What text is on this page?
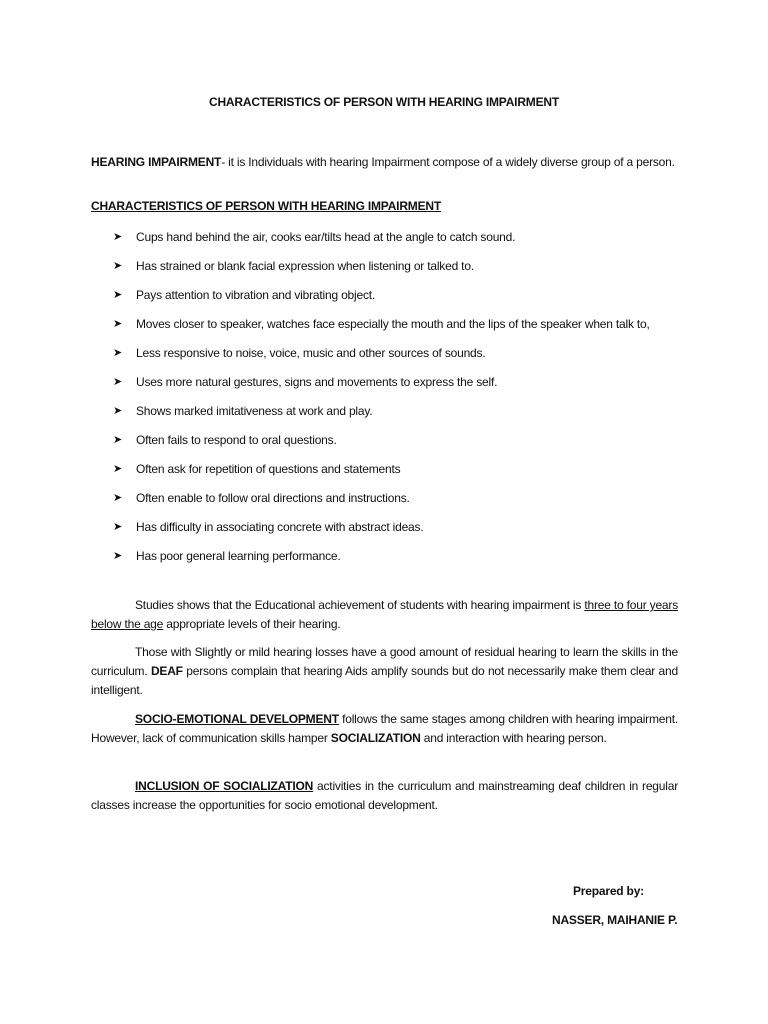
CHARACTERISTICS OF PERSON WITH HEARING IMPAIRMENT

HEARING IMPAIRMENT- it is Individuals with hearing Impairment compose of a widely diverse group of a person.

CHARACTERISTICS OF PERSON WITH HEARING IMPAIRMENT
➤	Cups hand behind the air, cooks ear/tilts head at the angle to catch sound.
➤	Has strained or blank facial expression when listening or talked to.
➤	Pays attention to vibration and vibrating object.
➤	Moves closer to speaker, watches face especially the mouth and the lips of the speaker when talk to,
➤	Less responsive to noise, voice, music and other sources of sounds.
➤	Uses more natural gestures, signs and movements to express the self.
➤	Shows marked imitativeness at work and play.
➤	Often fails to respond to oral questions.
➤	Often ask for repetition of questions and statements
➤	Often enable to follow oral directions and instructions.
➤	Has difficulty in associating concrete with abstract ideas.
➤	Has poor general learning performance.

Studies shows that the Educational achievement of students with hearing impairment is three to four years below the age appropriate levels of their hearing.

Those with Slightly or mild hearing losses have a good amount of residual hearing to learn the skills in the curriculum. DEAF persons complain that hearing Aids amplify sounds but do not necessarily make them clear and intelligent.

SOCIO-EMOTIONAL DEVELOPMENT follows the same stages among children with hearing impairment. However, lack of communication skills hamper SOCIALIZATION and interaction with hearing person.

INCLUSION OF SOCIALIZATION activities in the curriculum and mainstreaming deaf children in regular classes increase the opportunities for socio emotional development.

Prepared by:

NASSER, MAIHANIE P.
